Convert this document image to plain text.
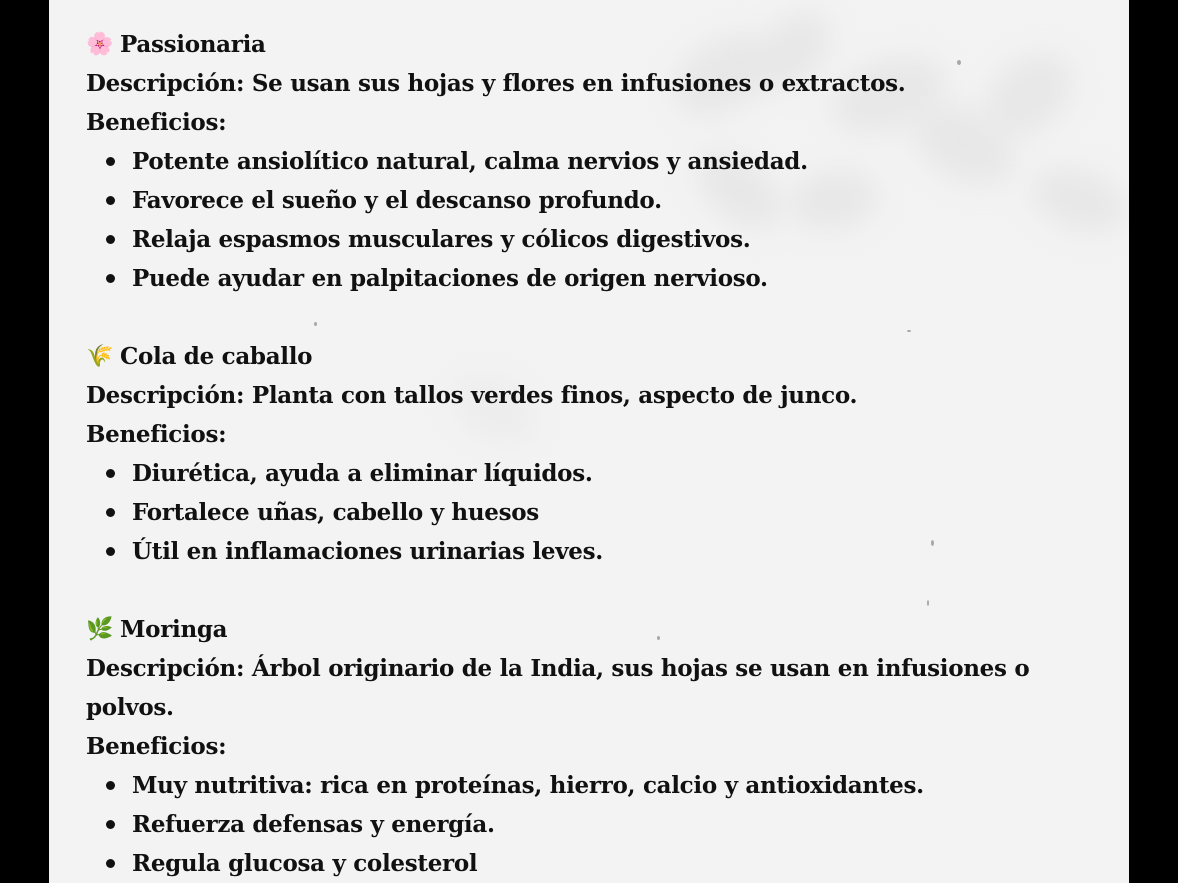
🌸 Passionaria
Descripción: Se usan sus hojas y flores en infusiones o extractos.
Beneficios:
Potente ansiolítico natural, calma nervios y ansiedad.
Favorece el sueño y el descanso profundo.
Relaja espasmos musculares y cólicos digestivos.
Puede ayudar en palpitaciones de origen nervioso.
🌾 Cola de caballo
Descripción: Planta con tallos verdes finos, aspecto de junco.
Beneficios:
Diurética, ayuda a eliminar líquidos.
Fortalece uñas, cabello y huesos
Útil en inflamaciones urinarias leves.
🌿 Moringa
Descripción: Árbol originario de la India, sus hojas se usan en infusiones o polvos.
Beneficios:
Muy nutritiva: rica en proteínas, hierro, calcio y antioxidantes.
Refuerza defensas y energía.
Regula glucosa y colesterol
